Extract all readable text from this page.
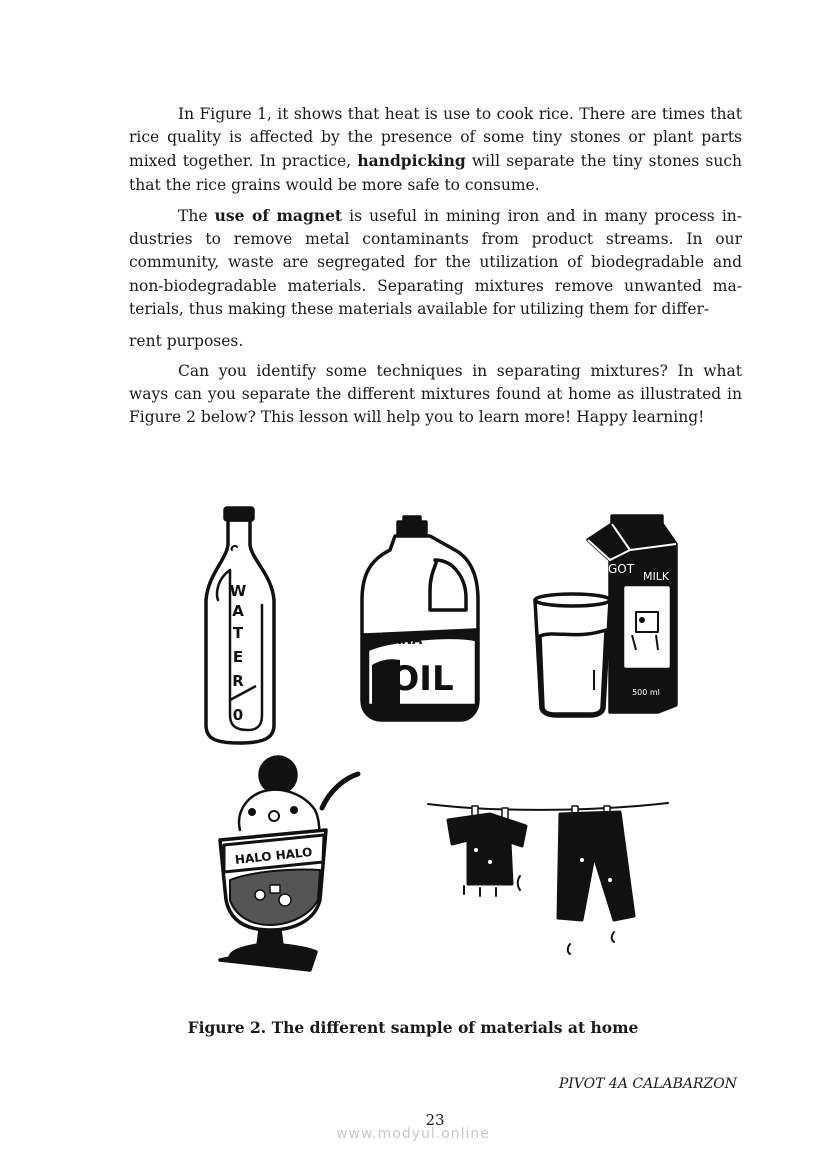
In Figure 1, it shows that heat is use to cook rice. There are times that rice quality is affected by the presence of some tiny stones or plant parts mixed together. In practice, handpicking will separate the tiny stones such that the rice grains would be more safe to consume.

The use of magnet is useful in mining iron and in many process industries to remove metal contaminants from product streams. In our community, waste are segregated for the utilization of biodegradable and non-biodegradable materials. Separating mixtures remove unwanted materials, thus making these materials available for utilizing them for differ-

rent purposes.

Can you identify some techniques in separating mixtures? In what ways can you separate the different mixtures found at home as illustrated in Figure 2 below? This lesson will help you to learn more! Happy learning!

W
A
T
E
R
0
SANA
OIL
GOT
MILK
500 ml
HALO HALO
Figure 2. The different sample of materials at home
PIVOT 4A CALABARZON
23
www.modyul.online
